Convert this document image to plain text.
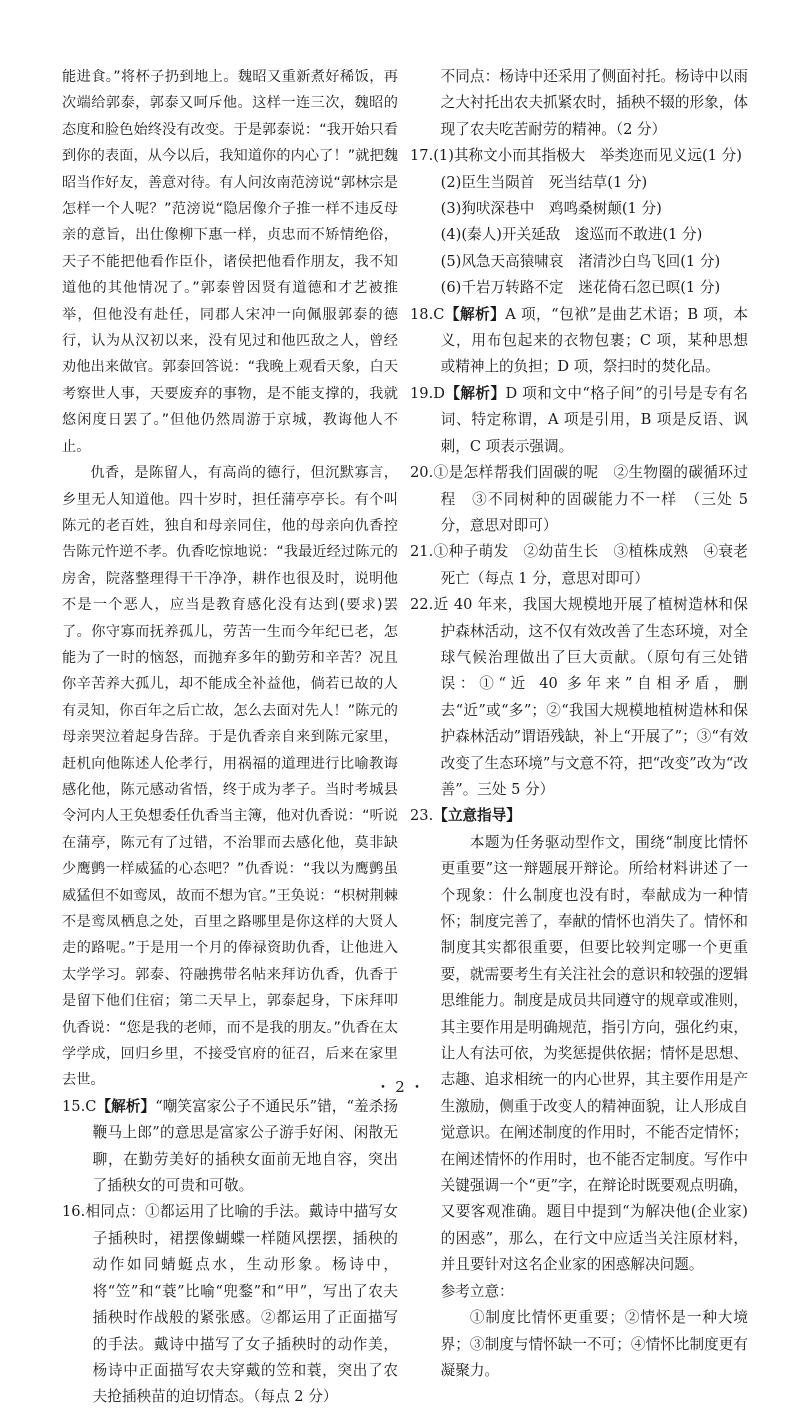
能进食。”将杯子扔到地上。魏昭又重新煮好稀饭，再次端给郭泰，郭泰又呵斥他。这样一连三次，魏昭的态度和脸色始终没有改变。于是郭泰说：“我开始只看到你的表面，从今以后，我知道你的内心了！”就把魏昭当作好友，善意对待。有人问汝南范滂说“郭林宗是怎样一个人呢？”范滂说“隐居像介子推一样不违反母亲的意旨，出仕像柳下惠一样，贞忠而不矫情绝俗，天子不能把他看作臣仆，诸侯把他看作朋友，我不知道他的其他情况了。”郭泰曾因贤有道德和才艺被推举，但他没有赴任，同郡人宋冲一向佩服郭泰的德行，认为从汉初以来，没有见过和他匹敌之人，曾经劝他出来做官。郭泰回答说：“我晚上观看天象，白天考察世人事，天要废弃的事物，是不能支撑的，我就悠闲度日罢了。”但他仍然周游于京城，教诲他人不止。

仇香，是陈留人，有高尚的德行，但沉默寡言，乡里无人知道他。四十岁时，担任蒲亭亭长。有个叫陈元的老百姓，独自和母亲同住，他的母亲向仇香控告陈元忤逆不孝。仇香吃惊地说：“我最近经过陈元的房舍，院落整理得干干净净，耕作也很及时，说明他不是一个恶人，应当是教育感化没有达到(要求)罢了。你守寡而抚养孤儿，劳苦一生而今年纪已老，怎能为了一时的恼怒，而抛弃多年的勤劳和辛苦？况且你辛苦养大孤儿，却不能成全补益他，倘若已故的人有灵知，你百年之后亡故，怎么去面对先人！”陈元的母亲哭泣着起身告辞。于是仇香亲自来到陈元家里，赶机向他陈述人伦孝行，用祸福的道理进行比喻教诲感化他，陈元感动省悟，终于成为孝子。当时考城县令河内人王奂想委任仇香当主簿，他对仇香说：“听说在蒲亭，陈元有了过错，不治罪而去感化他，莫非缺少鹰鹯一样威猛的心态吧？”仇香说：“我以为鹰鹯虽威猛但不如鸾凤，故而不想为官。”王奂说：“枳树荆棘不是鸾凤栖息之处，百里之路哪里是你这样的大贤人走的路呢。”于是用一个月的俸禄资助仇香，让他进入太学学习。郭泰、符融携带名帖来拜访仇香，仇香于是留下他们住宿；第二天早上，郭泰起身，下床拜叩仇香说：“您是我的老师，而不是我的朋友。”仇香在太学学成，回归乡里，不接受官府的征召，后来在家里去世。

15.C【解析】“嘲笑富家公子不通民乐”错，“羞杀扬鞭马上郎”的意思是富家公子游手好闲、闲散无聊，在勤劳美好的插秧女面前无地自容，突出了插秧女的可贵和可敬。

16.相同点：①都运用了比喻的手法。戴诗中描写女子插秧时，裙摆像蝴蝶一样随风摆摆，插秧的动作如同蜻蜓点水，生动形象。杨诗中，将“笠”和“蓑”比喻“兜鍪”和“甲”，写出了农夫插秧时作战般的紧张感。②都运用了正面描写的手法。戴诗中描写了女子插秧时的动作美，杨诗中正面描写农夫穿戴的笠和蓑，突出了农夫抢插秧苗的迫切情态。（每点 2 分）

不同点：杨诗中还采用了侧面衬托。杨诗中以雨之大衬托出农夫抓紧农时，插秧不辍的形象，体现了农夫吃苦耐劳的精神。（2 分）

17.(1)其称文小而其指极大　举类迩而见义远(1 分)

(2)臣生当陨首　死当结草(1 分)

(3)狗吠深巷中　鸡鸣桑树颠(1 分)

(4)(秦人)开关延敌　逡巡而不敢进(1 分)

(5)风急天高猿啸哀　渚清沙白鸟飞回(1 分)

(6)千岩万转路不定　迷花倚石忽已暝(1 分)

18.C【解析】A 项，“包袱”是曲艺术语；B 项，本义，用布包起来的衣物包裹；C 项，某种思想或精神上的负担；D 项，祭扫时的焚化品。

19.D【解析】D 项和文中“格子间”的引号是专有名词、特定称谓，A 项是引用，B 项是反语、讽刺，C 项表示强调。

20.①是怎样帮我们固碳的呢　②生物圈的碳循环过程　③不同树种的固碳能力不一样　（三处 5 分，意思对即可）

21.①种子萌发　②幼苗生长　③植株成熟　④衰老死亡（每点 1 分，意思对即可）

22.近 40 年来，我国大规模地开展了植树造林和保护森林活动，这不仅有效改善了生态环境，对全球气候治理做出了巨大贡献。（原句有三处错误：①“近 40 多年来”自相矛盾，删去“近”或“多”；②“我国大规模地植树造林和保护森林活动”谓语残缺，补上“开展了”；③“有效改变了生态环境”与文意不符，把“改变”改为“改善”。三处 5 分）

23.【立意指导】

本题为任务驱动型作文，围绕“制度比情怀更重要”这一辩题展开辩论。所给材料讲述了一个现象：什么制度也没有时，奉献成为一种情怀；制度完善了，奉献的情怀也消失了。情怀和制度其实都很重要，但要比较判定哪一个更重要，就需要考生有关注社会的意识和较强的逻辑思维能力。制度是成员共同遵守的规章或准则，其主要作用是明确规范，指引方向，强化约束，让人有法可依，为奖惩提供依据；情怀是思想、志趣、追求相统一的内心世界，其主要作用是产生激励，侧重于改变人的精神面貌，让人形成自觉意识。在阐述制度的作用时，不能否定情怀；在阐述情怀的作用时，也不能否定制度。写作中关键强调一个“更”字，在辩论时既要观点明确，又要客观准确。题目中提到“为解决他(企业家)的困惑”，那么，在行文中应适当关注原材料，并且要针对这名企业家的困惑解决问题。

参考立意：

①制度比情怀更重要；②情怀是一种大境界；③制度与情怀缺一不可；④情怀比制度更有凝聚力。

・ 2 ・
